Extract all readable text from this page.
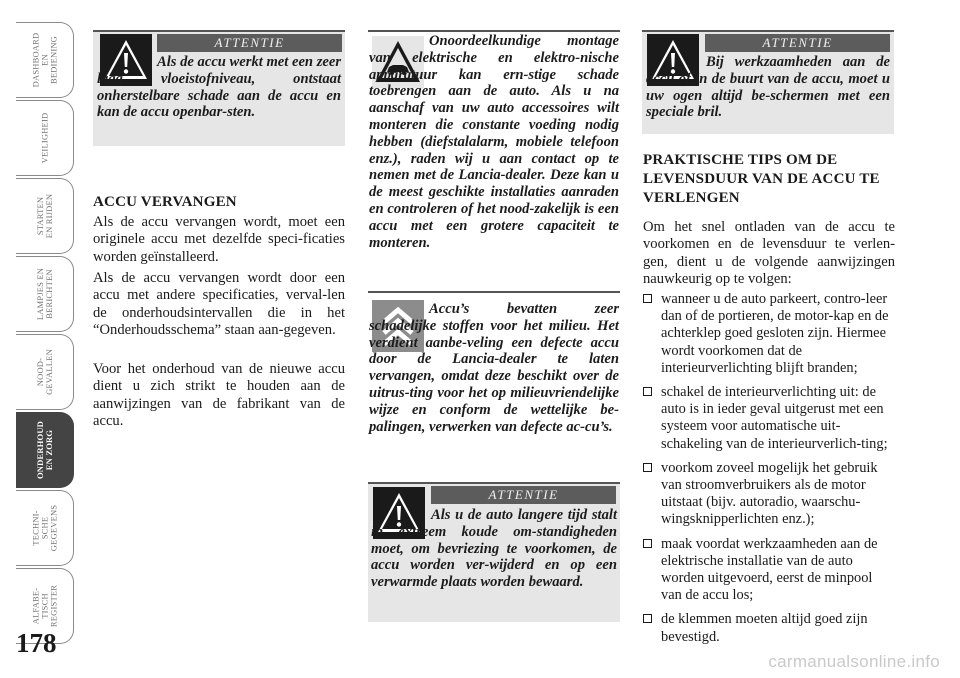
DASHBOARD
EN
BEDIENING
VEILIGHEID
STARTEN
EN RIJDEN
LAMPJES EN
BERICHTEN
NOOD-
GEVALLEN
ONDERHOUD
EN ZORG
TECHNI-
SCHE
GEGEVENS
ALFABE-
TISCH
REGISTER
178
ATTENTIE

Als de accu werkt met een zeer laag vloeistofniveau, ontstaat onherstelbare schade aan de accu en kan de accu openbar-sten.

ACCU VERVANGEN

Als de accu vervangen wordt, moet een originele accu met dezelfde speci-ficaties worden geïnstalleerd.

Als de accu vervangen wordt door een accu met andere specificaties, verval-len de onderhoudsintervallen die in het “Onderhoudsschema” staan aan-gegeven.

Voor het onderhoud van de nieuwe accu dient u zich strikt te houden aan de aanwijzingen van de fabrikant van de accu.

Onoordeelkundige montage van elektrische en elektro-nische apparatuur kan ern-stige schade toebrengen aan de auto. Als u na aanschaf van uw auto accessoires wilt monteren die constante voeding nodig hebben (diefstalalarm, mobiele telefoon enz.), raden wij u aan contact op te nemen met de Lancia-dealer. Deze kan u de meest geschikte installaties aanraden en controleren of het nood-zakelijk is een accu met een grotere capaciteit te monteren.

Accu’s bevatten zeer schadelijke stoffen voor het milieu. Het verdient aanbe-veling een defecte accu door de Lancia-dealer te laten vervangen, omdat deze beschikt over de uitrus-ting voor het op milieuvriendelijke wijze en conform de wettelijke be-palingen, verwerken van defecte ac-cu’s.

ATTENTIE

Als u de auto langere tijd stalt in extreem koude om-standigheden moet, om bevriezing te voorkomen, de accu worden ver-wijderd en op een verwarmde plaats worden bewaard.

ATTENTIE

Bij werkzaamheden aan de accu of in de buurt van de accu, moet u uw ogen altijd be-schermen met een speciale bril.

PRAKTISCHE TIPS OM DE LEVENSDUUR VAN DE ACCU TE VERLENGEN

Om het snel ontladen van de accu te voorkomen en de levensduur te verlen-gen, dient u de volgende aanwijzingen nauwkeurig op te volgen:

wanneer u de auto parkeert, contro-leer dan of de portieren, de motor-kap en de achterklep goed gesloten zijn. Hiermee wordt voorkomen dat de interieurverlichting blijft branden;
schakel de interieurverlichting uit: de auto is in ieder geval uitgerust met een systeem voor automatische uit-schakeling van de interieurverlich-ting;
voorkom zoveel mogelijk het gebruik van stroomverbruikers als de motor uitstaat (bijv. autoradio, waarschu-wingsknipperlichten enz.);
maak voordat werkzaamheden aan de elektrische installatie van de auto worden uitgevoerd, eerst de minpool van de accu los;
de klemmen moeten altijd goed zijn bevestigd.
carmanualsonline.info
